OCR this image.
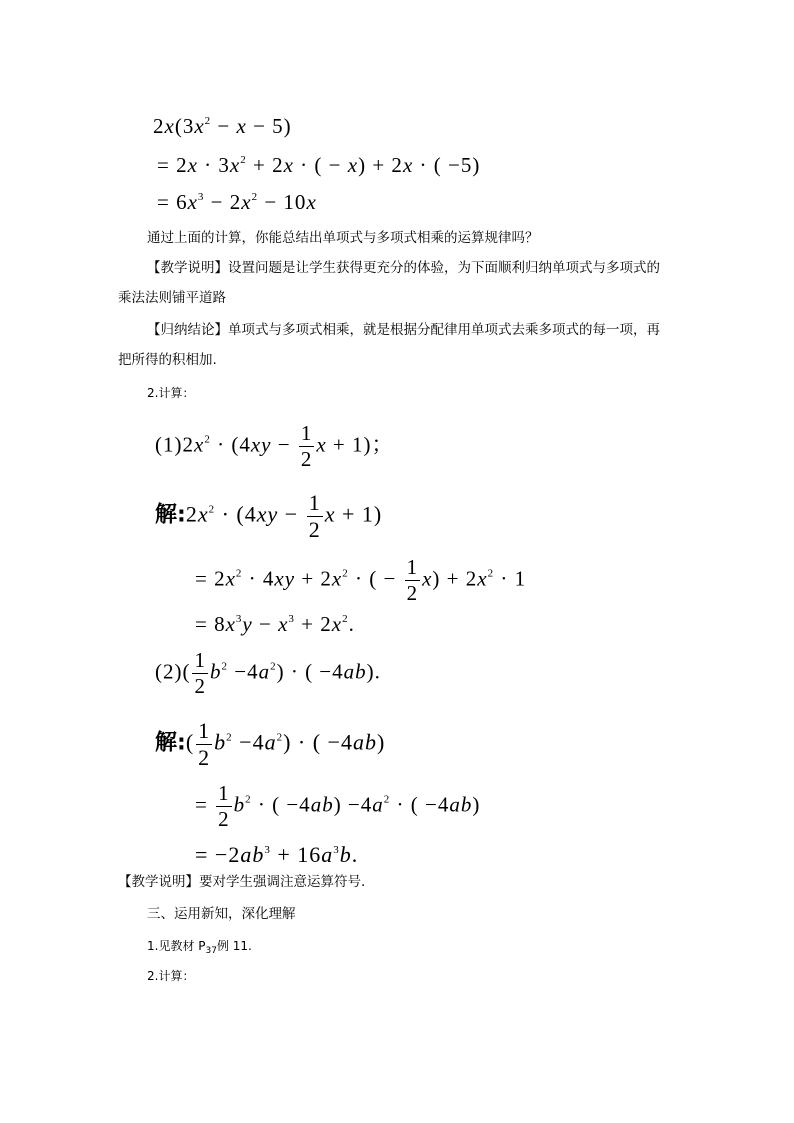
$2x(3x^2 - x - 5)$
= $2x \cdot 3x^2 + 2x$ · ( − x) + 2x · ( −5)
= $6x^3 - 2x^2 - 10x$
通过上面的计算，你能总结出单项式与多项式相乘的运算规律吗？
【教学说明】设置问题是让学生获得更充分的体验，为下面顺利归纳单项式与多项式的
乘法法则铺平道路
【归纳结论】单项式与多项式相乘，就是根据分配律用单项式去乘多项式的每一项，再
把所得的积相加.
2.计算：
$(1)2x^2 \cdot (4xy - \frac{1}{2}$ x + 1)；
解$:2x^2 \cdot (4xy - \frac{1}{2}$ x + 1)
= $2x^2 \cdot 4xy + 2x^2$ · ( − $\frac{1}{2} x) + 2x^2 \cdot 1$
= $8x^3y - x^3 + 2x^2$.
$(2)( \frac{1}{2} b^2 -4a^2)$ · ( −4ab).
解:( $\frac{1}{2} b^2 -4a^2$) · ( −4ab)
= $\frac{1}{2} b^2$ · ( $-4ab) -4a^2$ · ( −4ab)
= $-2ab^3 + 16a^3b$.
【教学说明】要对学生强调注意运算符号.
三、运用新知，深化理解
1.见教材 $P_{37}$例 11.
2.计算：
